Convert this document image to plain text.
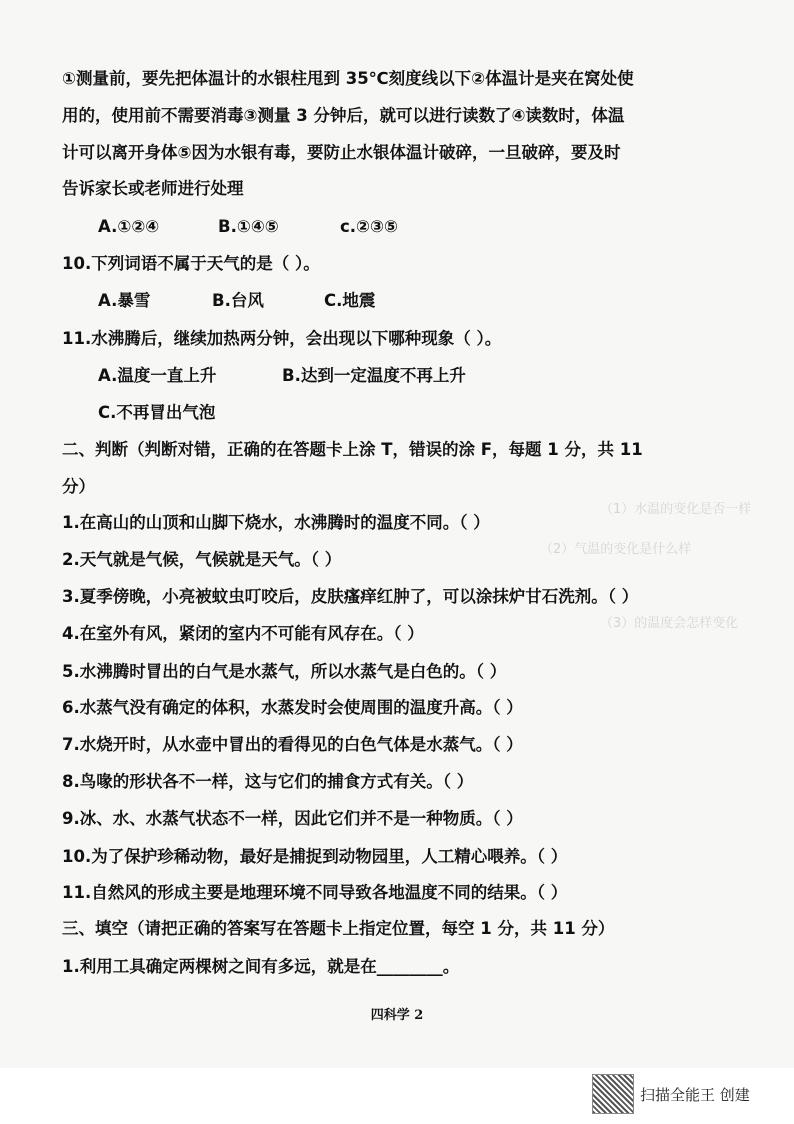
（1）水温的变化是否一样
（2）气温的变化是什么样
（3）的温度会怎样变化
①测量前，要先把体温计的水银柱甩到 35℃刻度线以下②体温计是夹在窝处使
用的，使用前不需要消毒③测量 3 分钟后，就可以进行读数了④读数时，体温
计可以离开身体⑤因为水银有毒，要防止水银体温计破碎，一旦破碎，要及时
告诉家长或老师进行处理
A.①②④	B.①④⑤	c.②③⑤
10.下列词语不属于天气的是（ ）。
A.暴雪	B.台风	C.地震
11.水沸腾后，继续加热两分钟，会出现以下哪种现象（ ）。
A.温度一直上升	B.达到一定温度不再上升
C.不再冒出气泡
二、判断（判断对错，正确的在答题卡上涂 T，错误的涂 F，每题 1 分，共 11
分）
1.在高山的山顶和山脚下烧水，水沸腾时的温度不同。（ ）
2.天气就是气候，气候就是天气。（ ）
3.夏季傍晚，小亮被蚊虫叮咬后，皮肤瘙痒红肿了，可以涂抹炉甘石洗剂。（ ）
4.在室外有风，紧闭的室内不可能有风存在。（ ）
5.水沸腾时冒出的白气是水蒸气，所以水蒸气是白色的。（ ）
6.水蒸气没有确定的体积，水蒸发时会使周围的温度升高。（ ）
7.水烧开时，从水壶中冒出的看得见的白色气体是水蒸气。（ ）
8.鸟喙的形状各不一样，这与它们的捕食方式有关。（ ）
9.冰、水、水蒸气状态不一样，因此它们并不是一种物质。（ ）
10.为了保护珍稀动物，最好是捕捉到动物园里，人工精心喂养。（ ）
11.自然风的形成主要是地理环境不同导致各地温度不同的结果。（ ）
三、填空（请把正确的答案写在答题卡上指定位置，每空 1 分，共 11 分）
1.利用工具确定两棵树之间有多远，就是在________。
四科学 2
扫描全能王 创建
